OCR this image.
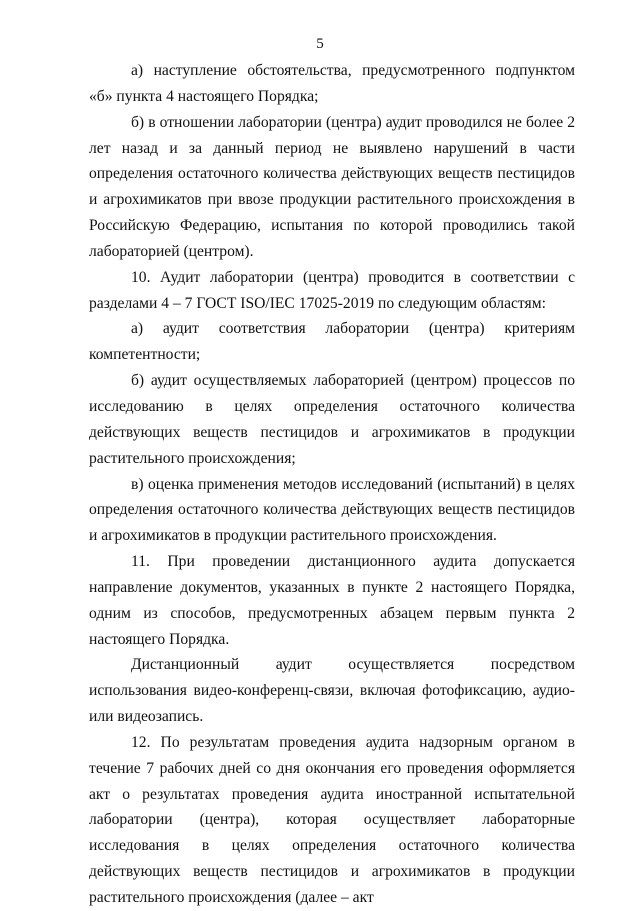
5

а) наступление обстоятельства, предусмотренного подпунктом «б» пункта 4 настоящего Порядка;

б) в отношении лаборатории (центра) аудит проводился не более 2 лет назад и за данный период не выявлено нарушений в части определения остаточного количества действующих веществ пестицидов и агрохимикатов при ввозе продукции растительного происхождения в Российскую Федерацию, испытания по которой проводились такой лабораторией (центром).

10. Аудит лаборатории (центра) проводится в соответствии с разделами 4 – 7 ГОСТ ISO/IEC 17025-2019 по следующим областям:

а) аудит соответствия лаборатории (центра) критериям компетентности;

б) аудит осуществляемых лабораторией (центром) процессов по исследованию в целях определения остаточного количества действующих веществ пестицидов и агрохимикатов в продукции растительного происхождения;

в) оценка применения методов исследований (испытаний) в целях определения остаточного количества действующих веществ пестицидов и агрохимикатов в продукции растительного происхождения.

11. При проведении дистанционного аудита допускается направление документов, указанных в пункте 2 настоящего Порядка, одним из способов, предусмотренных абзацем первым пункта 2 настоящего Порядка.

Дистанционный аудит осуществляется посредством использования видео-конференц-связи, включая фотофиксацию, аудио- или видеозапись.

12. По результатам проведения аудита надзорным органом в течение 7 рабочих дней со дня окончания его проведения оформляется акт о результатах проведения аудита иностранной испытательной лаборатории (центра), которая осуществляет лабораторные исследования в целях определения остаточного количества действующих веществ пестицидов и агрохимикатов в продукции растительного происхождения (далее – акт
